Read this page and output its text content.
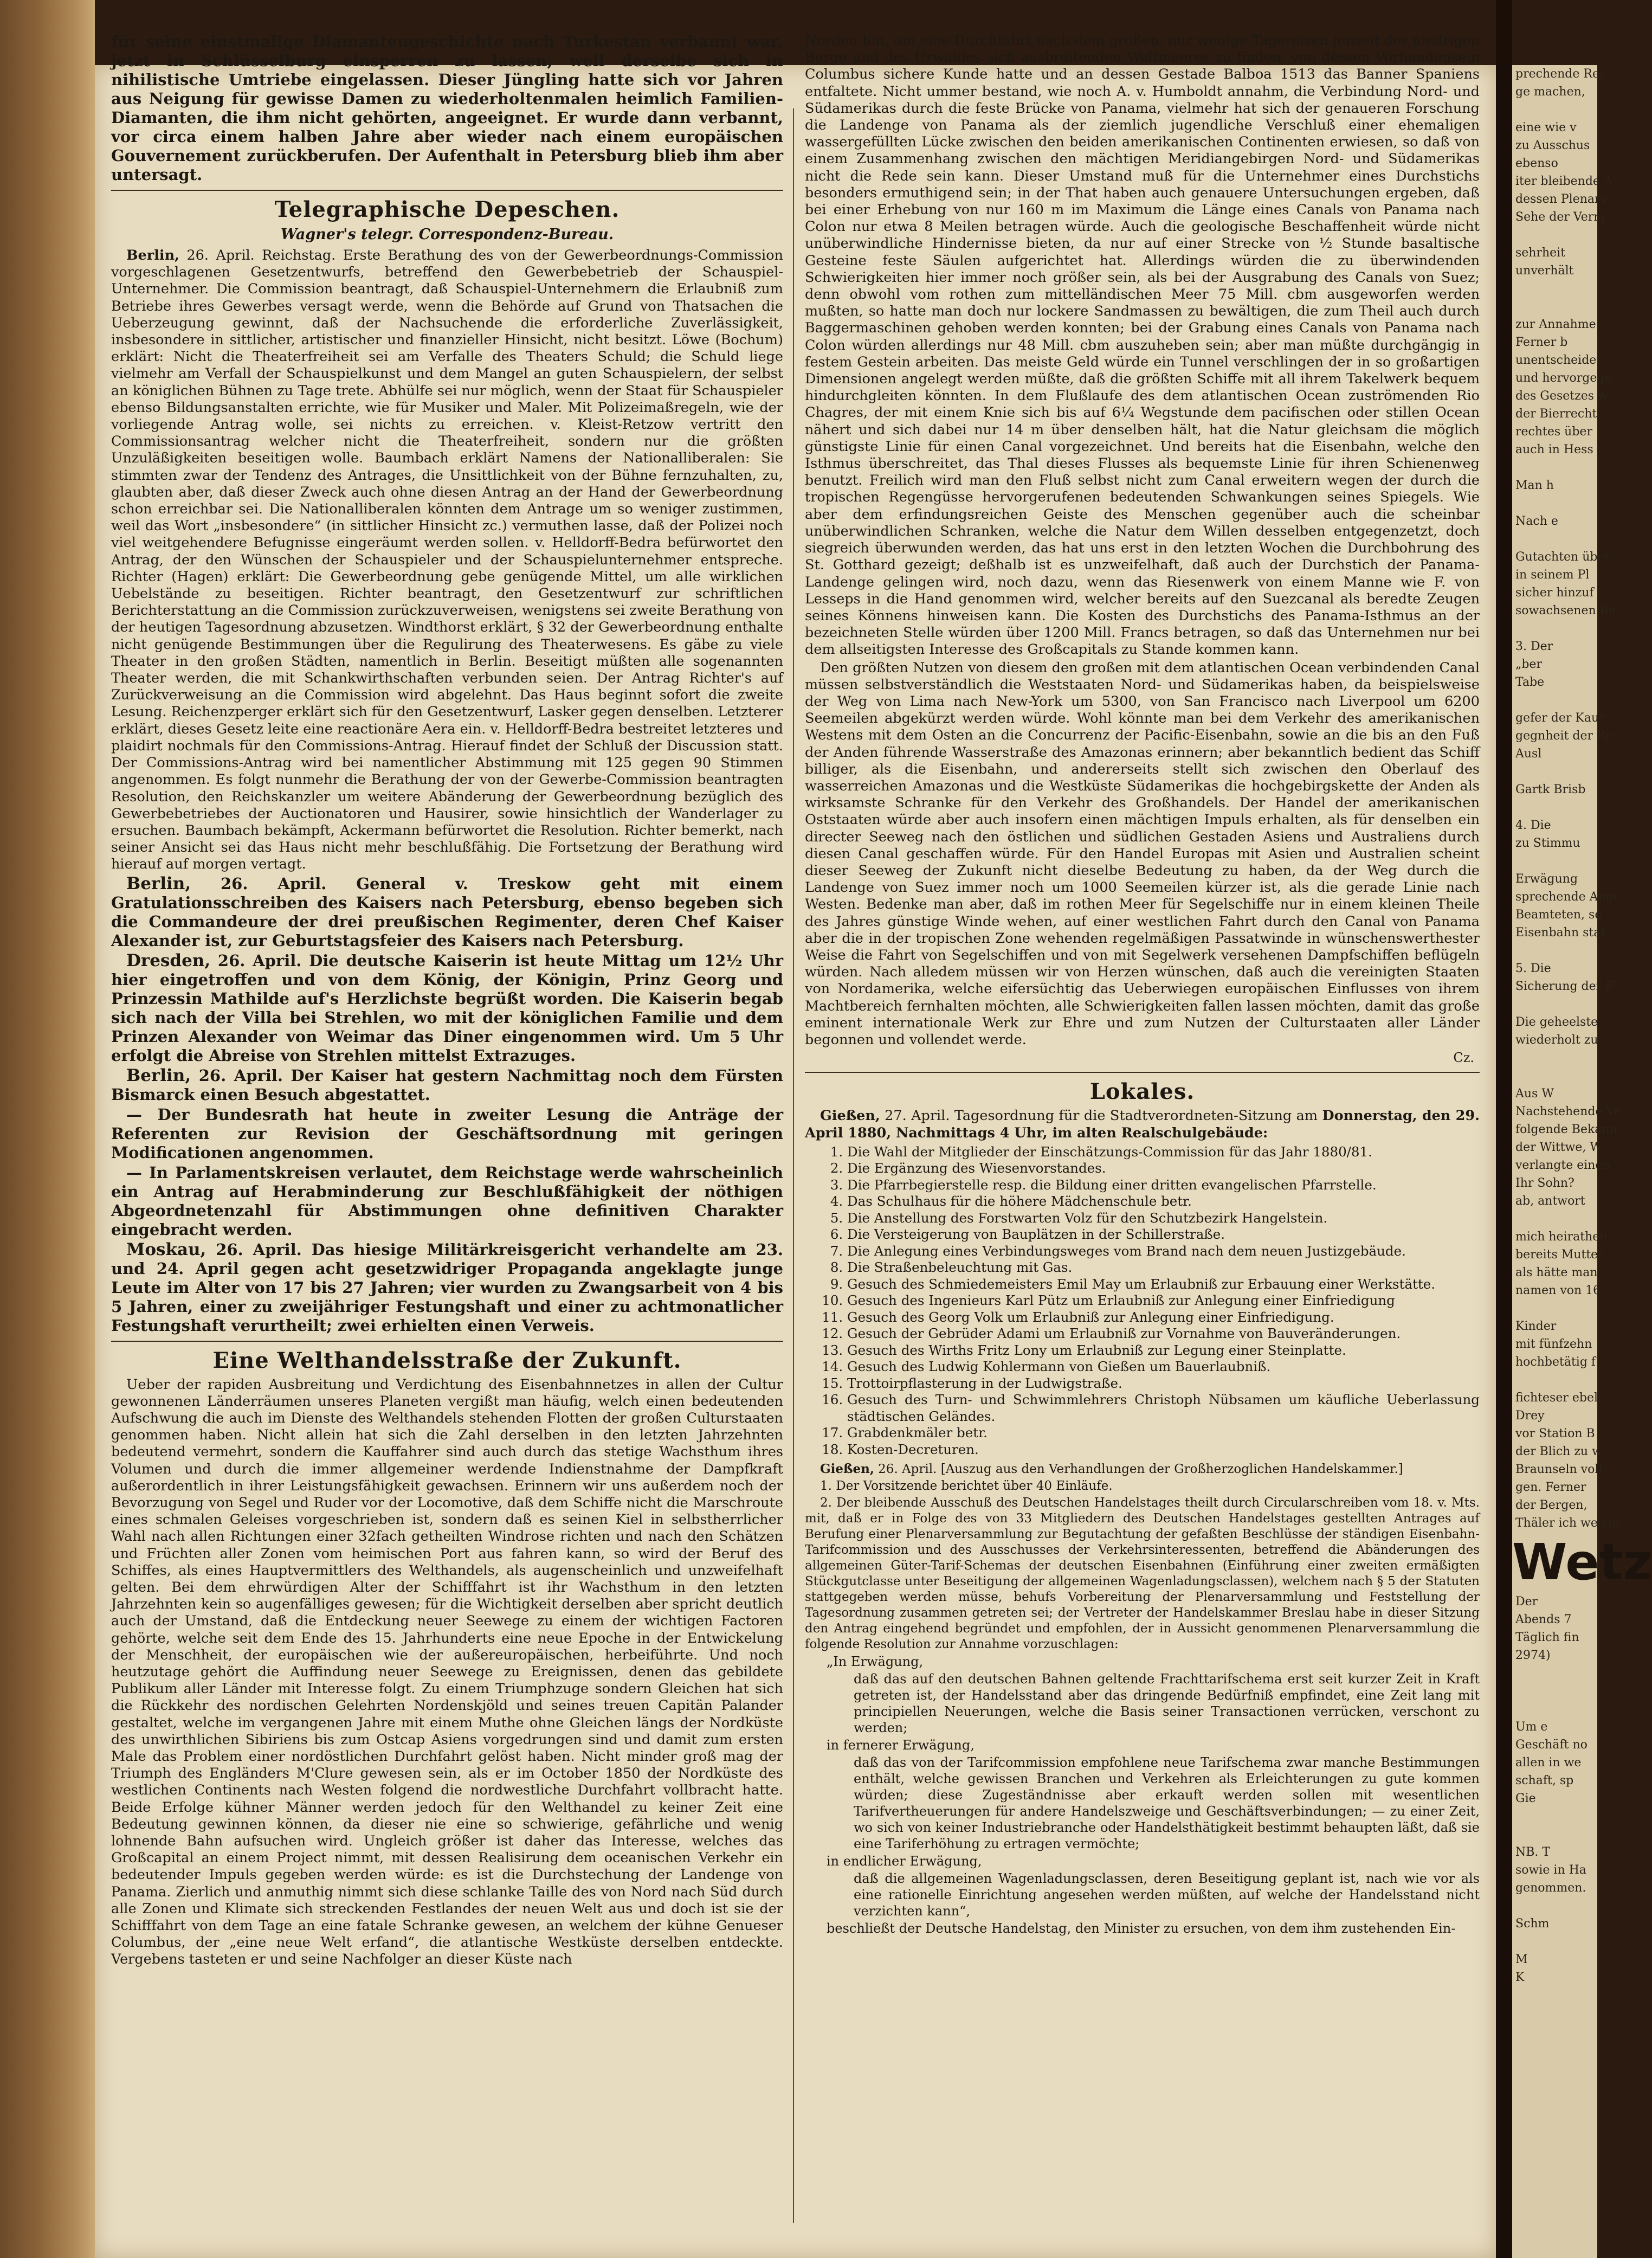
prechende Rec
ge machen,

eine wie v
zu Ausschus
ebenso
iter bleibende A
dessen Plenarv
Sehe der Verm

sehrheit
unverhält

zur Annahme
Ferner b
unentscheidet
und hervorgege
des Gesetzes w
der Bierrecht
rechtes über
auch in Hess

Man h

Nach e

Gutachten über
in seinem Pl
sicher hinzuf
sowachsenen Re

3. Der
„ber
Tabe

gefer der Kaur
gegnheit der Re
Ausl

Gartk Brisb

4. Die
zu Stimmu

Erwägung
sprechende Ange
Beamteten, so
Eisenbahn stat

5. Die
Sicherung der F

Die geheelste
wiederholt zu

Aus W
Nachstehende Ve
folgende Bekann
der Wittwe, W
verlangte einen
Ihr Sohn?
ab, antwort

mich heirathen
bereits Mutter
als hätte man
namen von 16

Kinder
mit fünfzehn
hochbetätig f

fichteser ebeli
Drey
vor Station B
der Blich zu w
Braunseln voll
gen. Ferner
der Bergen,
Thäler ich welche
Wetz
Der
Abends 7
Täglich fin
2974)

Um e
Geschäft no
allen in we
schaft, sp
Gie

NB. T
sowie in Ha
genommen.

Schm

M
K

für seine einstmalige Diamantengeschichte nach Turkestan verbannt war, jetzt in Schlüsselburg einsperren zu lassen, weil derselbe sich in nihilistische Umtriebe eingelassen. Dieser Jüngling hatte sich vor Jahren aus Neigung für gewisse Damen zu wiederholtenmalen heimlich Familien-Diamanten, die ihm nicht gehörten, angeeignet. Er wurde dann verbannt, vor circa einem halben Jahre aber wieder nach einem europäischen Gouvernement zurückberufen. Der Aufenthalt in Petersburg blieb ihm aber untersagt.

Telegraphische Depeschen.
Wagner's telegr. Correspondenz-Bureau.

Berlin, 26. April. Reichstag. Erste Berathung des von der Gewerbeordnungs-Commission vorgeschlagenen Gesetzentwurfs, betreffend den Gewerbebetrieb der Schauspiel-Unternehmer. Die Commission beantragt, daß Schauspiel-Unternehmern die Erlaubniß zum Betriebe ihres Gewerbes versagt werde, wenn die Behörde auf Grund von Thatsachen die Ueberzeugung gewinnt, daß der Nachsuchende die erforderliche Zuverlässigkeit, insbesondere in sittlicher, artistischer und finanzieller Hinsicht, nicht besitzt. Löwe (Bochum) erklärt: Nicht die Theaterfreiheit sei am Verfalle des Theaters Schuld; die Schuld liege vielmehr am Verfall der Schauspielkunst und dem Mangel an guten Schauspielern, der selbst an königlichen Bühnen zu Tage trete. Abhülfe sei nur möglich, wenn der Staat für Schauspieler ebenso Bildungsanstalten errichte, wie für Musiker und Maler. Mit Polizeimaßregeln, wie der vorliegende Antrag wolle, sei nichts zu erreichen. v. Kleist-Retzow vertritt den Commissionsantrag welcher nicht die Theaterfreiheit, sondern nur die größten Unzuläßigkeiten beseitigen wolle. Baumbach erklärt Namens der Nationalliberalen: Sie stimmten zwar der Tendenz des Antrages, die Unsittlichkeit von der Bühne fernzuhalten, zu, glaubten aber, daß dieser Zweck auch ohne diesen Antrag an der Hand der Gewerbeordnung schon erreichbar sei. Die Nationalliberalen könnten dem Antrage um so weniger zustimmen, weil das Wort „insbesondere“ (in sittlicher Hinsicht zc.) vermuthen lasse, daß der Polizei noch viel weitgehendere Befugnisse eingeräumt werden sollen. v. Helldorff-Bedra befürwortet den Antrag, der den Wünschen der Schauspieler und der Schauspielunternehmer entspreche. Richter (Hagen) erklärt: Die Gewerbeordnung gebe genügende Mittel, um alle wirklichen Uebelstände zu beseitigen. Richter beantragt, den Gesetzentwurf zur schriftlichen Berichterstattung an die Commission zurückzuverweisen, wenigstens sei zweite Berathung von der heutigen Tagesordnung abzusetzen. Windthorst erklärt, § 32 der Gewerbeordnung enthalte nicht genügende Bestimmungen über die Regulirung des Theaterwesens. Es gäbe zu viele Theater in den großen Städten, namentlich in Berlin. Beseitigt müßten alle sogenannten Theater werden, die mit Schankwirthschaften verbunden seien. Der Antrag Richter's auf Zurückverweisung an die Commission wird abgelehnt. Das Haus beginnt sofort die zweite Lesung. Reichenzperger erklärt sich für den Gesetzentwurf, Lasker gegen denselben. Letzterer erklärt, dieses Gesetz leite eine reactionäre Aera ein. v. Helldorff-Bedra bestreitet letzteres und plaidirt nochmals für den Commissions-Antrag. Hierauf findet der Schluß der Discussion statt. Der Commissions-Antrag wird bei namentlicher Abstimmung mit 125 gegen 90 Stimmen angenommen. Es folgt nunmehr die Berathung der von der Gewerbe-Commission beantragten Resolution, den Reichskanzler um weitere Abänderung der Gewerbeordnung bezüglich des Gewerbebetriebes der Auctionatoren und Hausirer, sowie hinsichtlich der Wanderlager zu ersuchen. Baumbach bekämpft, Ackermann befürwortet die Resolution. Richter bemerkt, nach seiner Ansicht sei das Haus nicht mehr beschlußfähig. Die Fortsetzung der Berathung wird hierauf auf morgen vertagt.

Berlin, 26. April. General v. Treskow geht mit einem Gratulationsschreiben des Kaisers nach Petersburg, ebenso begeben sich die Commandeure der drei preußischen Regimenter, deren Chef Kaiser Alexander ist, zur Geburtstagsfeier des Kaisers nach Petersburg.

Dresden, 26. April. Die deutsche Kaiserin ist heute Mittag um 12½ Uhr hier eingetroffen und von dem König, der Königin, Prinz Georg und Prinzessin Mathilde auf's Herzlichste begrüßt worden. Die Kaiserin begab sich nach der Villa bei Strehlen, wo mit der königlichen Familie und dem Prinzen Alexander von Weimar das Diner eingenommen wird. Um 5 Uhr erfolgt die Abreise von Strehlen mittelst Extrazuges.

Berlin, 26. April. Der Kaiser hat gestern Nachmittag noch dem Fürsten Bismarck einen Besuch abgestattet.

— Der Bundesrath hat heute in zweiter Lesung die Anträge der Referenten zur Revision der Geschäftsordnung mit geringen Modificationen angenommen.

— In Parlamentskreisen verlautet, dem Reichstage werde wahrscheinlich ein Antrag auf Herabminderung zur Beschlußfähigkeit der nöthigen Abgeordnetenzahl für Abstimmungen ohne definitiven Charakter eingebracht werden.

Moskau, 26. April. Das hiesige Militärkreisgericht verhandelte am 23. und 24. April gegen acht gesetzwidriger Propaganda angeklagte junge Leute im Alter von 17 bis 27 Jahren; vier wurden zu Zwangsarbeit von 4 bis 5 Jahren, einer zu zweijähriger Festungshaft und einer zu achtmonatlicher Festungshaft verurtheilt; zwei erhielten einen Verweis.

Eine Welthandelsstraße der Zukunft.

Ueber der rapiden Ausbreitung und Verdichtung des Eisenbahnnetzes in allen der Cultur gewonnenen Länderräumen unseres Planeten vergißt man häufig, welch einen bedeutenden Aufschwung die auch im Dienste des Welthandels stehenden Flotten der großen Culturstaaten genommen haben. Nicht allein hat sich die Zahl derselben in den letzten Jahrzehnten bedeutend vermehrt, sondern die Kauffahrer sind auch durch das stetige Wachsthum ihres Volumen und durch die immer allgemeiner werdende Indienstnahme der Dampfkraft außerordentlich in ihrer Leistungsfähigkeit gewachsen. Erinnern wir uns außerdem noch der Bevorzugung von Segel und Ruder vor der Locomotive, daß dem Schiffe nicht die Marschroute eines schmalen Geleises vorgeschrieben ist, sondern daß es seinen Kiel in selbstherrlicher Wahl nach allen Richtungen einer 32fach getheilten Windrose richten und nach den Schätzen und Früchten aller Zonen vom heimischen Port aus fahren kann, so wird der Beruf des Schiffes, als eines Hauptvermittlers des Welthandels, als augenscheinlich und unzweifelhaft gelten. Bei dem ehrwürdigen Alter der Schifffahrt ist ihr Wachsthum in den letzten Jahrzehnten kein so augenfälliges gewesen; für die Wichtigkeit derselben aber spricht deutlich auch der Umstand, daß die Entdeckung neuer Seewege zu einem der wichtigen Factoren gehörte, welche seit dem Ende des 15. Jahrhunderts eine neue Epoche in der Entwickelung der Menschheit, der europäischen wie der außereuropäischen, herbeiführte. Und noch heutzutage gehört die Auffindung neuer Seewege zu Ereignissen, denen das gebildete Publikum aller Länder mit Interesse folgt. Zu einem Triumphzuge sondern Gleichen hat sich die Rückkehr des nordischen Gelehrten Nordenskjöld und seines treuen Capitän Palander gestaltet, welche im vergangenen Jahre mit einem Muthe ohne Gleichen längs der Nordküste des unwirthlichen Sibiriens bis zum Ostcap Asiens vorgedrungen sind und damit zum ersten Male das Problem einer nordöstlichen Durchfahrt gelöst haben. Nicht minder groß mag der Triumph des Engländers M'Clure gewesen sein, als er im October 1850 der Nordküste des westlichen Continents nach Westen folgend die nordwestliche Durchfahrt vollbracht hatte. Beide Erfolge kühner Männer werden jedoch für den Welthandel zu keiner Zeit eine Bedeutung gewinnen können, da dieser nie eine so schwierige, gefährliche und wenig lohnende Bahn aufsuchen wird. Ungleich größer ist daher das Interesse, welches das Großcapital an einem Project nimmt, mit dessen Realisirung dem oceanischen Verkehr ein bedeutender Impuls gegeben werden würde: es ist die Durchstechung der Landenge von Panama. Zierlich und anmuthig nimmt sich diese schlanke Taille des von Nord nach Süd durch alle Zonen und Klimate sich streckenden Festlandes der neuen Welt aus und doch ist sie der Schifffahrt von dem Tage an eine fatale Schranke gewesen, an welchem der kühne Genueser Columbus, der „eine neue Welt erfand“, die atlantische Westküste derselben entdeckte. Vergebens tasteten er und seine Nachfolger an dieser Küste nach

Norden hin, um eine Durchfahrt nach dem großen, nur wenige Tagereisen jenseit der niedrigen Berge und des Urwaldes sich ausbreitenden Weltmeeres zu finden, von dessen Vorhandensein Columbus sichere Kunde hatte und an dessen Gestade Balboa 1513 das Banner Spaniens entfaltete. Nicht ummer bestand, wie noch A. v. Humboldt annahm, die Verbindung Nord- und Südamerikas durch die feste Brücke von Panama, vielmehr hat sich der genaueren Forschung die Landenge von Panama als der ziemlich jugendliche Verschluß einer ehemaligen wassergefüllten Lücke zwischen den beiden amerikanischen Continenten erwiesen, so daß von einem Zusammenhang zwischen den mächtigen Meridiangebirgen Nord- und Südamerikas nicht die Rede sein kann. Dieser Umstand muß für die Unternehmer eines Durchstichs besonders ermuthigend sein; in der That haben auch genauere Untersuchungen ergeben, daß bei einer Erhebung von nur 160 m im Maximum die Länge eines Canals von Panama nach Colon nur etwa 8 Meilen betragen würde. Auch die geologische Beschaffenheit würde nicht unüberwindliche Hindernisse bieten, da nur auf einer Strecke von ½ Stunde basaltische Gesteine feste Säulen aufgerichtet hat. Allerdings würden die zu überwindenden Schwierigkeiten hier immer noch größer sein, als bei der Ausgrabung des Canals von Suez; denn obwohl vom rothen zum mittelländischen Meer 75 Mill. cbm ausgeworfen werden mußten, so hatte man doch nur lockere Sandmassen zu bewältigen, die zum Theil auch durch Baggermaschinen gehoben werden konnten; bei der Grabung eines Canals von Panama nach Colon würden allerdings nur 48 Mill. cbm auszuheben sein; aber man müßte durchgängig in festem Gestein arbeiten. Das meiste Geld würde ein Tunnel verschlingen der in so großartigen Dimensionen angelegt werden müßte, daß die größten Schiffe mit all ihrem Takelwerk bequem hindurchgleiten könnten. In dem Flußlaufe des dem atlantischen Ocean zuströmenden Rio Chagres, der mit einem Knie sich bis auf 6¼ Wegstunde dem pacifischen oder stillen Ocean nähert und sich dabei nur 14 m über denselben hält, hat die Natur gleichsam die möglich günstigste Linie für einen Canal vorgezeichnet. Und bereits hat die Eisenbahn, welche den Isthmus überschreitet, das Thal dieses Flusses als bequemste Linie für ihren Schienenweg benutzt. Freilich wird man den Fluß selbst nicht zum Canal erweitern wegen der durch die tropischen Regengüsse hervorgerufenen bedeutenden Schwankungen seines Spiegels. Wie aber dem erfindungsreichen Geiste des Menschen gegenüber auch die scheinbar unüberwindlichen Schranken, welche die Natur dem Willen desselben entgegenzetzt, doch siegreich überwunden werden, das hat uns erst in den letzten Wochen die Durchbohrung des St. Gotthard gezeigt; deßhalb ist es unzweifelhaft, daß auch der Durchstich der Panama-Landenge gelingen wird, noch dazu, wenn das Riesenwerk von einem Manne wie F. von Lesseps in die Hand genommen wird, welcher bereits auf den Suezcanal als beredte Zeugen seines Könnens hinweisen kann. Die Kosten des Durchstichs des Panama-Isthmus an der bezeichneten Stelle würden über 1200 Mill. Francs betragen, so daß das Unternehmen nur bei dem allseitigsten Interesse des Großcapitals zu Stande kommen kann.

Den größten Nutzen von diesem den großen mit dem atlantischen Ocean verbindenden Canal müssen selbstverständlich die Weststaaten Nord- und Südamerikas haben, da beispielsweise der Weg von Lima nach New-York um 5300, von San Francisco nach Liverpool um 6200 Seemeilen abgekürzt werden würde. Wohl könnte man bei dem Verkehr des amerikanischen Westens mit dem Osten an die Concurrenz der Pacific-Eisenbahn, sowie an die bis an den Fuß der Anden führende Wasserstraße des Amazonas erinnern; aber bekanntlich bedient das Schiff billiger, als die Eisenbahn, und andererseits stellt sich zwischen den Oberlauf des wasserreichen Amazonas und die Westküste Südamerikas die hochgebirgskette der Anden als wirksamste Schranke für den Verkehr des Großhandels. Der Handel der amerikanischen Oststaaten würde aber auch insofern einen mächtigen Impuls erhalten, als für denselben ein directer Seeweg nach den östlichen und südlichen Gestaden Asiens und Australiens durch diesen Canal geschaffen würde. Für den Handel Europas mit Asien und Australien scheint dieser Seeweg der Zukunft nicht dieselbe Bedeutung zu haben, da der Weg durch die Landenge von Suez immer noch um 1000 Seemeilen kürzer ist, als die gerade Linie nach Westen. Bedenke man aber, daß im rothen Meer für Segelschiffe nur in einem kleinen Theile des Jahres günstige Winde wehen, auf einer westlichen Fahrt durch den Canal von Panama aber die in der tropischen Zone wehenden regelmäßigen Passatwinde in wünschenswerthester Weise die Fahrt von Segelschiffen und von mit Segelwerk versehenen Dampfschiffen beflügeln würden. Nach alledem müssen wir von Herzen wünschen, daß auch die vereinigten Staaten von Nordamerika, welche eifersüchtig das Ueberwiegen europäischen Einflusses von ihrem Machtbereich fernhalten möchten, alle Schwierigkeiten fallen lassen möchten, damit das große eminent internationale Werk zur Ehre und zum Nutzen der Culturstaaten aller Länder begonnen und vollendet werde.

Cz.
Lokales.

Gießen, 27. April. Tagesordnung für die Stadtverordneten-Sitzung am Donnerstag, den 29. April 1880, Nachmittags 4 Uhr, im alten Realschulgebäude:

1. Die Wahl der Mitglieder der Einschätzungs-Commission für das Jahr 1880/81.
2. Die Ergänzung des Wiesenvorstandes.
3. Die Pfarrbegierstelle resp. die Bildung einer dritten evangelischen Pfarrstelle.
4. Das Schulhaus für die höhere Mädchenschule betr.
5. Die Anstellung des Forstwarten Volz für den Schutzbezirk Hangelstein.
6. Die Versteigerung von Bauplätzen in der Schillerstraße.
7. Die Anlegung eines Verbindungsweges vom Brand nach dem neuen Justizgebäude.
8. Die Straßenbeleuchtung mit Gas.
9. Gesuch des Schmiedemeisters Emil May um Erlaubniß zur Erbauung einer Werkstätte.
10. Gesuch des Ingenieurs Karl Pütz um Erlaubniß zur Anlegung einer Einfriedigung
11. Gesuch des Georg Volk um Erlaubniß zur Anlegung einer Einfriedigung.
12. Gesuch der Gebrüder Adami um Erlaubniß zur Vornahme von Bauveränderungen.
13. Gesuch des Wirths Fritz Lony um Erlaubniß zur Legung einer Steinplatte.
14. Gesuch des Ludwig Kohlermann von Gießen um Bauerlaubniß.
15. Trottoirpflasterung in der Ludwigstraße.
16. Gesuch des Turn- und Schwimmlehrers Christoph Nübsamen um käufliche Ueberlassung städtischen Geländes.
17. Grabdenkmäler betr.
18. Kosten-Decreturen.

Gießen, 26. April. [Auszug aus den Verhandlungen der Großherzoglichen Handelskammer.]

1. Der Vorsitzende berichtet über 40 Einläufe.

2. Der bleibende Ausschuß des Deutschen Handelstages theilt durch Circularschreiben vom 18. v. Mts. mit, daß er in Folge des von 33 Mitgliedern des Deutschen Handelstages gestellten Antrages auf Berufung einer Plenarversammlung zur Begutachtung der gefaßten Beschlüsse der ständigen Eisenbahn-Tarifcommission und des Ausschusses der Verkehrsinteressenten, betreffend die Abänderungen des allgemeinen Güter-Tarif-Schemas der deutschen Eisenbahnen (Einführung einer zweiten ermäßigten Stückgutclasse unter Beseitigung der allgemeinen Wagenladungsclassen), welchem nach § 5 der Statuten stattgegeben werden müsse, behufs Vorbereitung der Plenarversammlung und Feststellung der Tagesordnung zusammen getreten sei; der Vertreter der Handelskammer Breslau habe in dieser Sitzung den Antrag eingehend begründet und empfohlen, der in Aussicht genommenen Plenarversammlung die folgende Resolution zur Annahme vorzuschlagen:

„In Erwägung,

daß das auf den deutschen Bahnen geltende Frachttarifschema erst seit kurzer Zeit in Kraft getreten ist, der Handelsstand aber das dringende Bedürfniß empfindet, eine Zeit lang mit principiellen Neuerungen, welche die Basis seiner Transactionen verrücken, verschont zu werden;

in fernerer Erwägung,

daß das von der Tarifcommission empfohlene neue Tarifschema zwar manche Bestimmungen enthält, welche gewissen Branchen und Verkehren als Erleichterungen zu gute kommen würden; diese Zugeständnisse aber erkauft werden sollen mit wesentlichen Tarifvertheuerungen für andere Handelszweige und Geschäftsverbindungen; — zu einer Zeit, wo sich von keiner Industriebranche oder Handelsthätigkeit bestimmt behaupten läßt, daß sie eine Tariferhöhung zu ertragen vermöchte;

in endlicher Erwägung,

daß die allgemeinen Wagenladungsclassen, deren Beseitigung geplant ist, nach wie vor als eine rationelle Einrichtung angesehen werden müßten, auf welche der Handelsstand nicht verzichten kann“,

beschließt der Deutsche Handelstag, den Minister zu ersuchen, von dem ihm zustehenden Ein-
